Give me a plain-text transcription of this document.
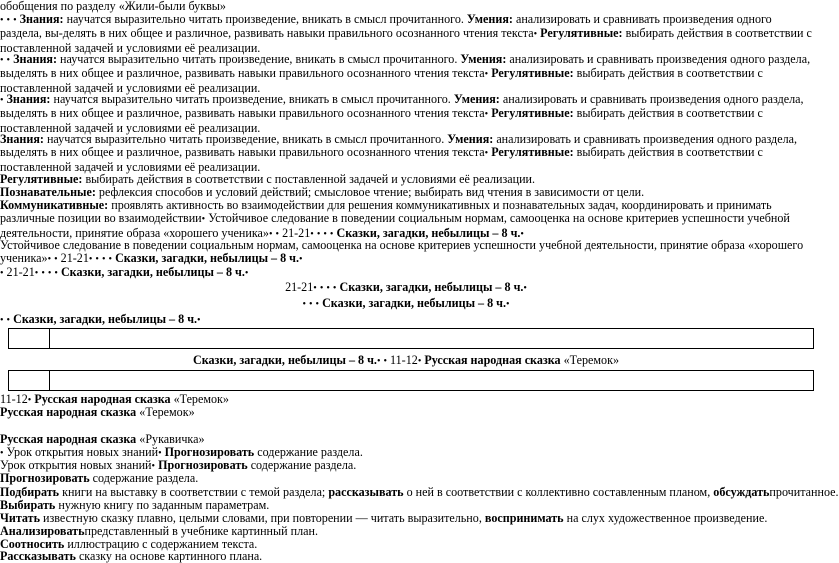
обобщения по разделу «Жили-были буквы»
• • • Знания: научатся выразительно читать произведение, вникать в смысл прочитанного. Умения: анализировать и сравнивать произведения одного раздела, вы-делять в них общее и различное, развивать навыки правильного осознанного чтения текста• Регулятивные: выбирать действия в соответствии с поставленной задачей и условиями её реализации.
• • Знания: научатся выразительно читать произведение, вникать в смысл прочитанного. Умения: анализировать и сравнивать произведения одного раздела, выделять в них общее и различное, развивать навыки правильного осознанного чтения текста• Регулятивные: выбирать действия в соответствии с поставленной задачей и условиями её реализации.
• Знания: научатся выразительно читать произведение, вникать в смысл прочитанного. Умения: анализировать и сравнивать произведения одного раздела, выделять в них общее и различное, развивать навыки правильного осознанного чтения текста• Регулятивные: выбирать действия в соответствии с поставленной задачей и условиями её реализации.
Знания: научатся выразительно читать произведение, вникать в смысл прочитанного. Умения: анализировать и сравнивать произведения одного раздела, выделять в них общее и различное, развивать навыки правильного осознанного чтения текста• Регулятивные: выбирать действия в соответствии с поставленной задачей и условиями её реализации.
Регулятивные: выбирать действия в соответствии с поставленной задачей и условиями её реализации.
Познавательные: рефлексия способов и условий действий; смысловое чтение; выбирать вид чтения в зависимости от цели.
Коммуникативные: проявлять активность во взаимодействии для решения коммуникативных и познавательных задач, координировать и принимать различные позиции во взаимодействии• Устойчивое следование в поведении социальным нормам, самооценка на основе критериев успешности учебной деятельности, принятие образа «хорошего ученика»• • 21-21• • • • Сказки, загадки, небылицы – 8 ч.•
Устойчивое следование в поведении социальным нормам, самооценка на основе критериев успешности учебной деятельности, принятие образа «хорошего ученика»• • 21-21• • • • Сказки, загадки, небылицы – 8 ч.•
• 21-21• • • • Сказки, загадки, небылицы – 8 ч.•
21-21• • • • Сказки, загадки, небылицы – 8 ч.•
• • • Сказки, загадки, небылицы – 8 ч.•
• • Сказки, загадки, небылицы – 8 ч.•
Сказки, загадки, небылицы – 8 ч.• • 11-12• Русская народная сказка «Теремок»
11-12• Русская народная сказка «Теремок»
Русская народная сказка «Теремок»
Русская народная сказка «Рукавичка»
• Урок открытия новых знаний• Прогнозировать содержание раздела.
Урок открытия новых знаний• Прогнозировать содержание раздела.
Прогнозировать содержание раздела.
Подбирать книги на выставку в соответствии с темой раздела; рассказывать о ней в соответствии с коллективно составленным планом, обсуждатьпрочитанное.
Выбирать нужную книгу по заданным параметрам.
Читать известную сказку плавно, целыми словами, при повторении — читать выразительно, воспринимать на слух художественное произведение.
Анализироватьпредставленный в учебнике картинный план.
Соотносить иллюстрацию с содержанием текста.
Рассказывать сказку на основе картинного плана.
